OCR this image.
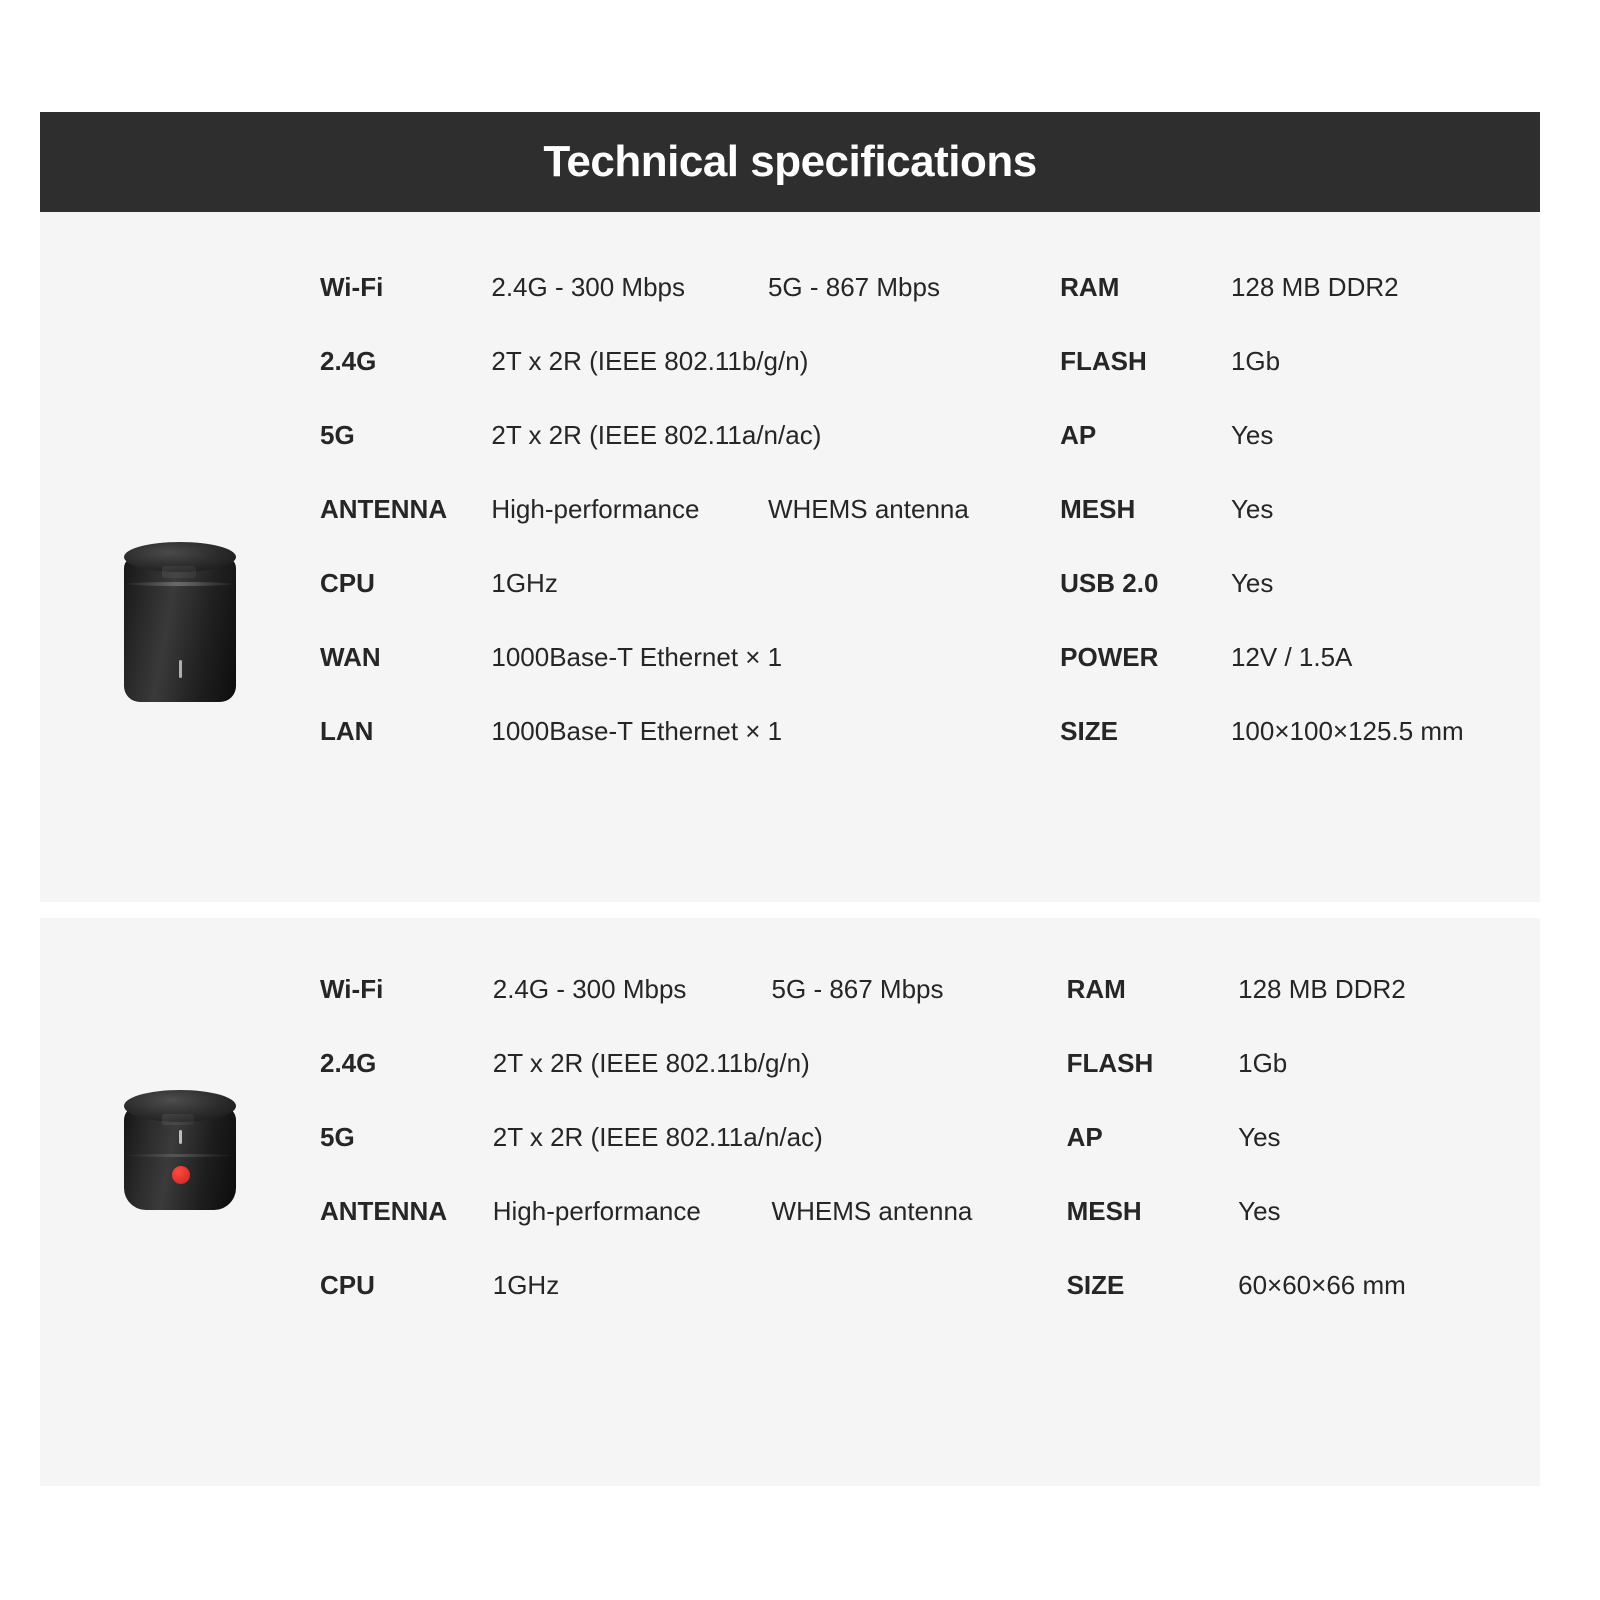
Technical specifications
Wi-Fi	2.4G - 300 Mbps	5G - 867 Mbps	RAM	128 MB DDR2
2.4G	2T x 2R (IEEE 802.11b/g/n)		FLASH	1Gb
5G	2T x 2R (IEEE 802.11a/n/ac)		AP	Yes
ANTENNA	High-performance	WHEMS antenna	MESH	Yes
CPU	1GHz		USB 2.0	Yes
WAN	1000Base-T Ethernet × 1		POWER	12V / 1.5A
LAN	1000Base-T Ethernet × 1		SIZE	100×100×125.5 mm
Wi-Fi	2.4G - 300 Mbps	5G - 867 Mbps	RAM	128 MB DDR2
2.4G	2T x 2R (IEEE 802.11b/g/n)		FLASH	1Gb
5G	2T x 2R (IEEE 802.11a/n/ac)		AP	Yes
ANTENNA	High-performance	WHEMS antenna	MESH	Yes
CPU	1GHz		SIZE	60×60×66 mm
